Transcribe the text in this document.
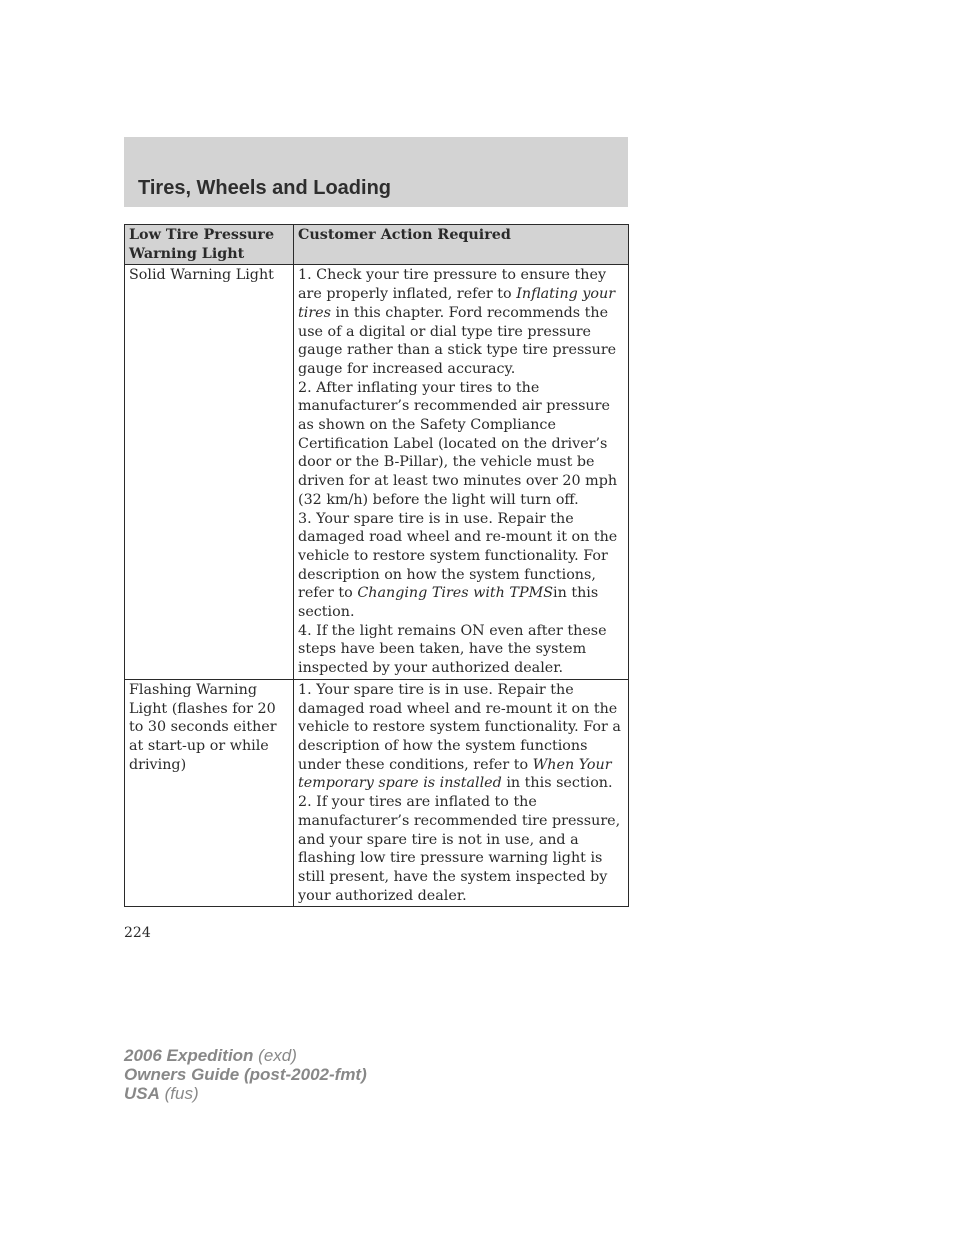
Tires, Wheels and Loading
Low Tire Pressure Warning Light	Customer Action Required
Solid Warning Light	1. Check your tire pressure to ensure they are properly inflated, refer to Inflating your tires in this chapter. Ford recommends the use of a digital or dial type tire pressure gauge rather than a stick type tire pressure gauge for increased accuracy.
2. After inflating your tires to the manufacturer’s recommended air pressure as shown on the Safety Compliance Certification Label (located on the driver’s door or the B-Pillar), the vehicle must be driven for at least two minutes over 20 mph (32 km/h) before the light will turn off.
3. Your spare tire is in use. Repair the damaged road wheel and re-mount it on the vehicle to restore system functionality. For description on how the system functions, refer to Changing Tires with TPMSin this section.
4. If the light remains ON even after these steps have been taken, have the system inspected by your authorized dealer.
Flashing Warning Light (flashes for 20 to 30 seconds either at start-up or while driving)	1. Your spare tire is in use. Repair the damaged road wheel and re-mount it on the vehicle to restore system functionality. For a description of how the system functions under these conditions, refer to When Your temporary spare is installed in this section.
2. If your tires are inflated to the manufacturer’s recommended tire pressure, and your spare tire is not in use, and a flashing low tire pressure warning light is still present, have the system inspected by your authorized dealer.
224
2006 Expedition (exd)
Owners Guide (post-2002-fmt)
USA (fus)
